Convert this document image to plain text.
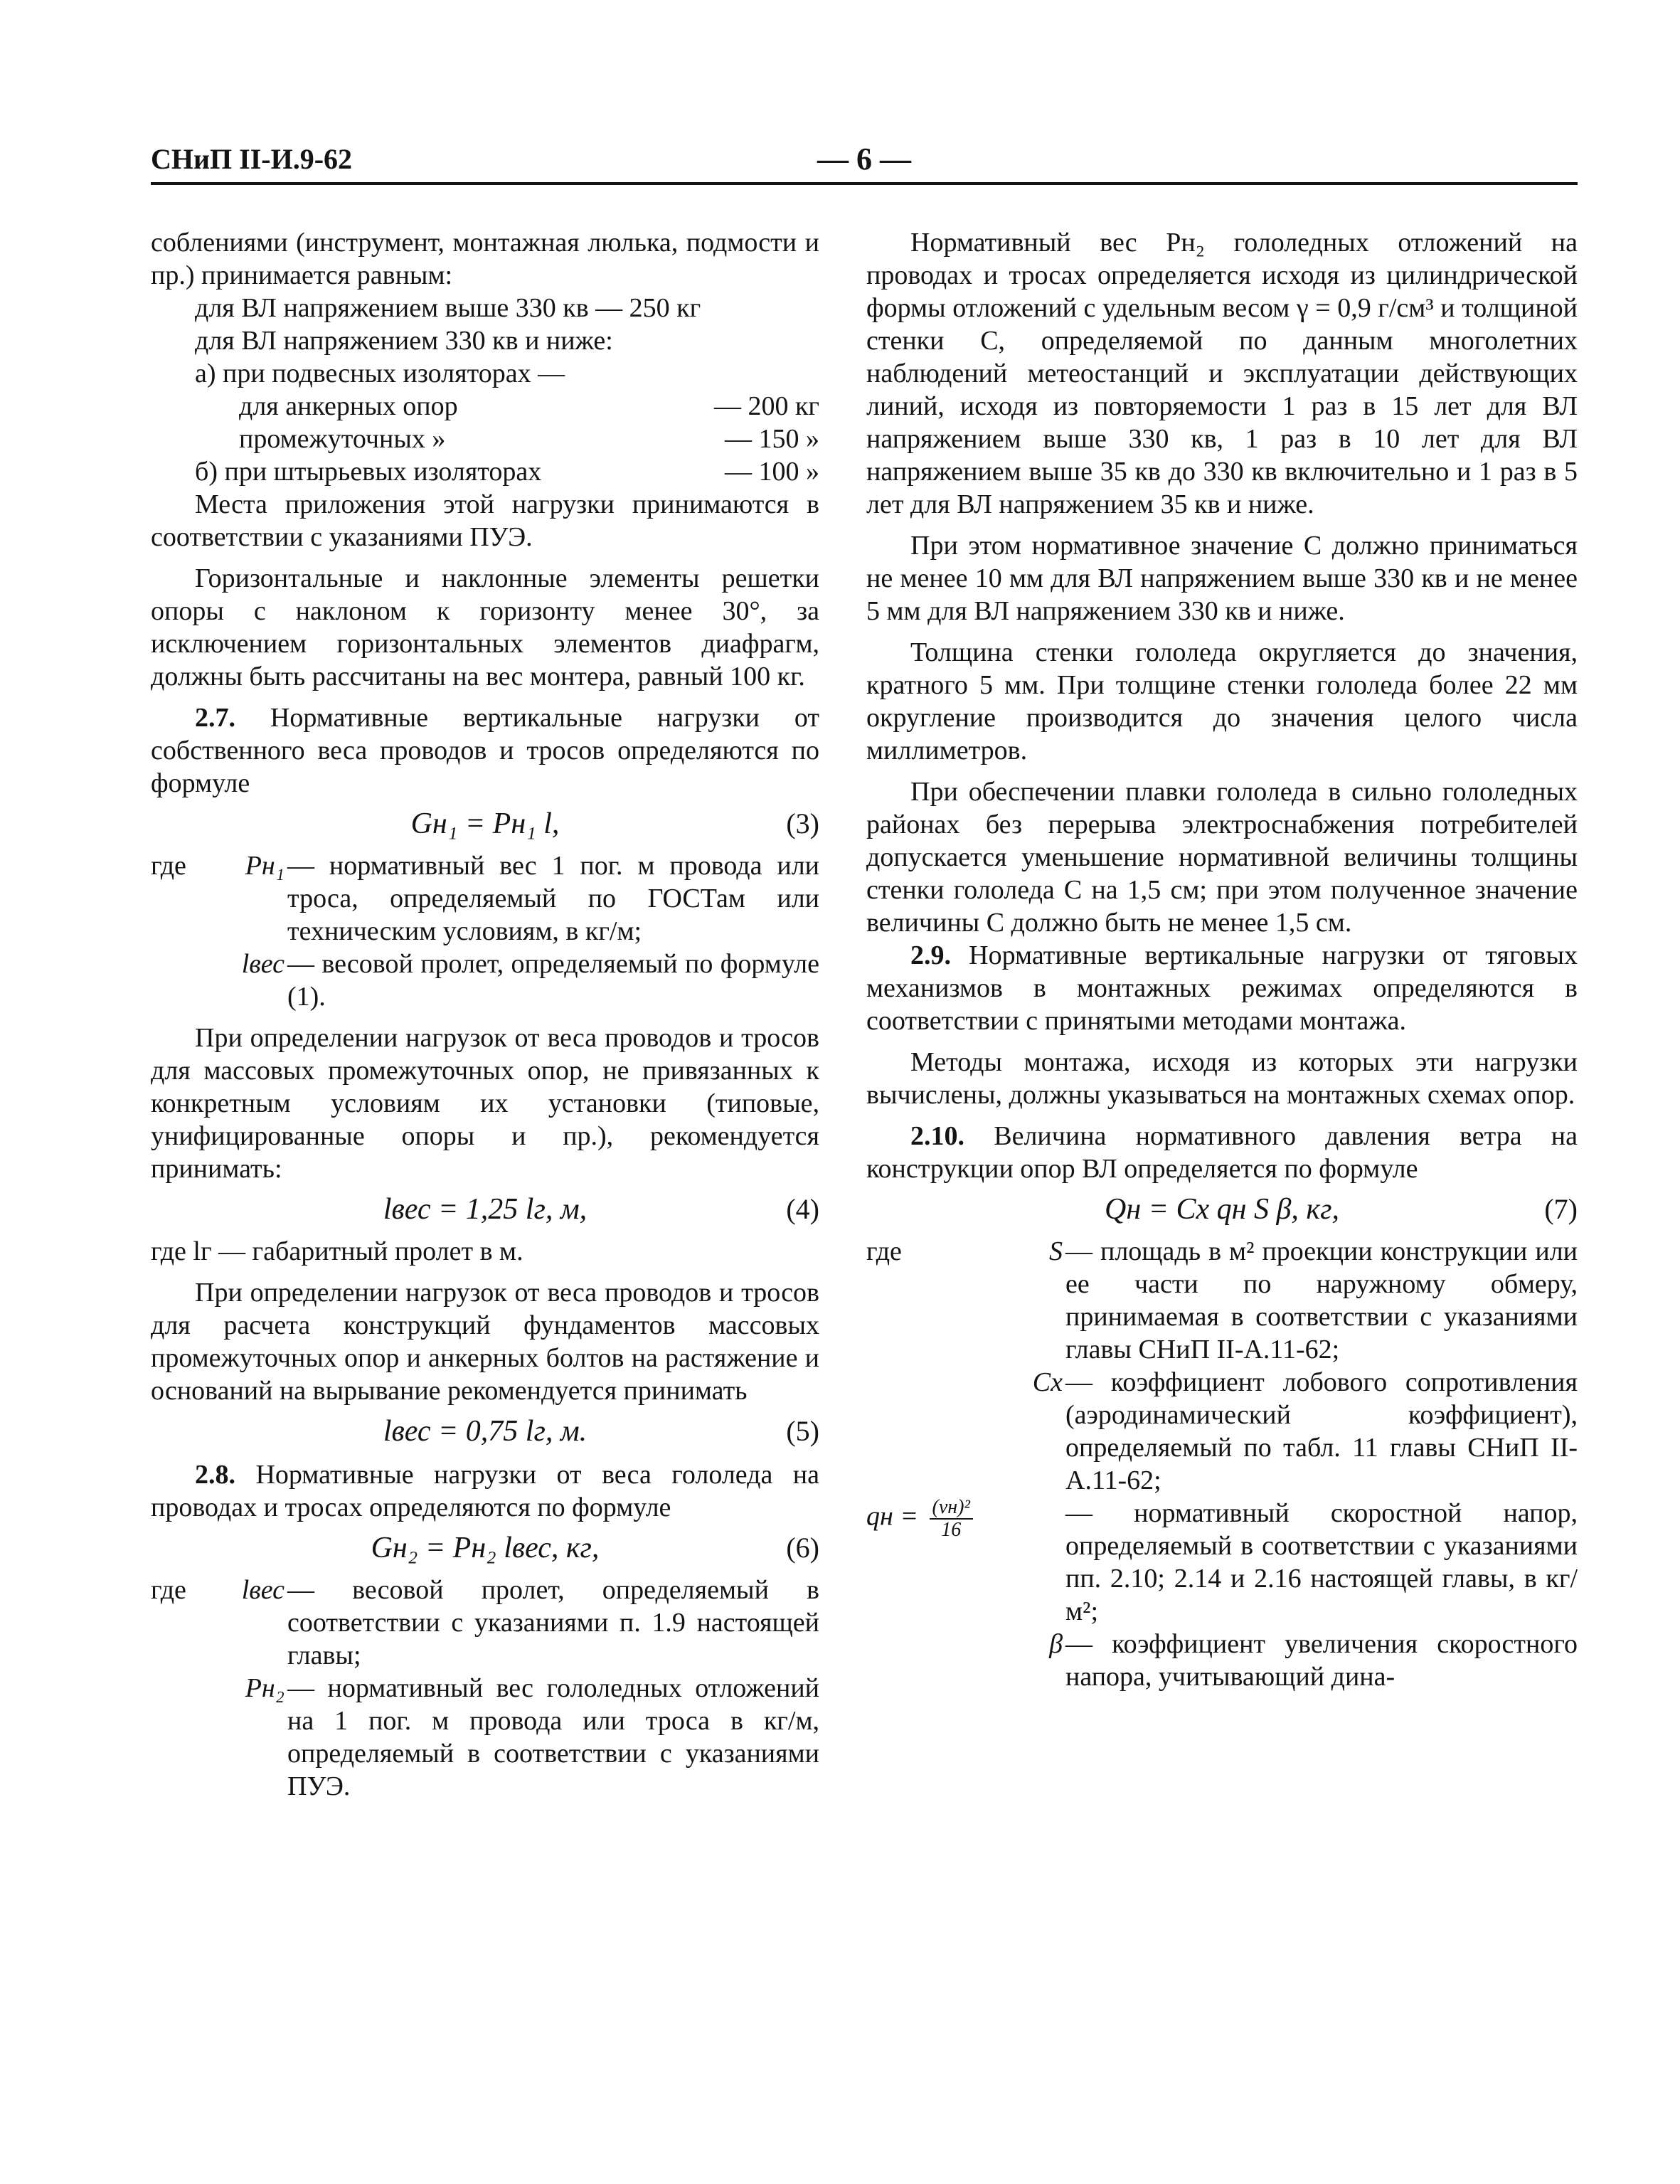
СНиП II-И.9-62	— 6 —

соблениями (инструмент, монтажная люлька, подмости и пр.) принимается равным:

для ВЛ напряжением выше 330 кв — 250 кг
для ВЛ напряжением 330 кв и ниже:
а) при подвесных изоляторах —
для анкерных опор	— 200 кг
промежуточных »	— 150 »
б) при штырьевых изоляторах	— 100 »

Места приложения этой нагрузки принимаются в соответствии с указаниями ПУЭ.

Горизонтальные и наклонные элементы решетки опоры с наклоном к горизонту менее 30°, за исключением горизонтальных элементов диафрагм, должны быть рассчитаны на вес монтера, равный 100 кг.

2.7. Нормативные вертикальные нагрузки от собственного веса проводов и тросов определяются по формуле

Gн₁ = Pн₁ l,	(3)
где	Pн₁ — нормативный вес 1 пог. м провода или троса, определяемый по ГОСТам или техническим условиям, в кг/м;
lвес — весовой пролет, определяемый по формуле (1).

При определении нагрузок от веса проводов и тросов для массовых промежуточных опор, не привязанных к конкретным условиям их установки (типовые, унифицированные опоры и пр.), рекомендуется принимать:

lвес = 1,25 lг, м,	(4)

где lг — габаритный пролет в м.

При определении нагрузок от веса проводов и тросов для расчета конструкций фундаментов массовых промежуточных опор и анкерных болтов на растяжение и оснований на вырывание рекомендуется принимать

lвес = 0,75 lг, м.	(5)

2.8. Нормативные нагрузки от веса гололеда на проводах и тросах определяются по формуле

Gн₂ = Pн₂ lвес, кг,	(6)
где	lвес — весовой пролет, определяемый в соответствии с указаниями п. 1.9 настоящей главы;
Pн₂ — нормативный вес гололедных отложений на 1 пог. м провода или троса в кг/м, определяемый в соответствии с указаниями ПУЭ.

Нормативный вес Pн₂ гололедных отложений на проводах и тросах определяется исходя из цилиндрической формы отложений с удельным весом γ = 0,9 г/см³ и толщиной стенки C, определяемой по данным многолетних наблюдений метеостанций и эксплуатации действующих линий, исходя из повторяемости 1 раз в 15 лет для ВЛ напряжением выше 330 кв, 1 раз в 10 лет для ВЛ напряжением выше 35 кв до 330 кв включительно и 1 раз в 5 лет для ВЛ напряжением 35 кв и ниже.

При этом нормативное значение C должно приниматься не менее 10 мм для ВЛ напряжением выше 330 кв и не менее 5 мм для ВЛ напряжением 330 кв и ниже.

Толщина стенки гололеда округляется до значения, кратного 5 мм. При толщине стенки гололеда более 22 мм округление производится до значения целого числа миллиметров.

При обеспечении плавки гололеда в сильно гололедных районах без перерыва электроснабжения потребителей допускается уменьшение нормативной величины толщины стенки гололеда C на 1,5 см; при этом полученное значение величины C должно быть не менее 1,5 см.

2.9. Нормативные вертикальные нагрузки от тяговых механизмов в монтажных режимах определяются в соответствии с принятыми методами монтажа.

Методы монтажа, исходя из которых эти нагрузки вычислены, должны указываться на монтажных схемах опор.

2.10. Величина нормативного давления ветра на конструкции опор ВЛ определяется по формуле

Qн = Cx qн S β, кг,	(7)
где	S — площадь в м² проекции конструкции или ее части по наружному обмеру, принимаемая в соответствии с указаниями главы СНиП II-А.11-62;
Cx — коэффициент лобового сопротивления (аэродинамический коэффициент), определяемый по табл. 11 главы СНиП II-А.11-62;
qн = $\frac{\text{(vн)²}}{16}$	— нормативный скоростной напор, определяемый в соответствии с указаниями пп. 2.10; 2.14 и 2.16 настоящей главы, в кг/м²;
β — коэффициент увеличения скоростного напора, учитывающий дина-
